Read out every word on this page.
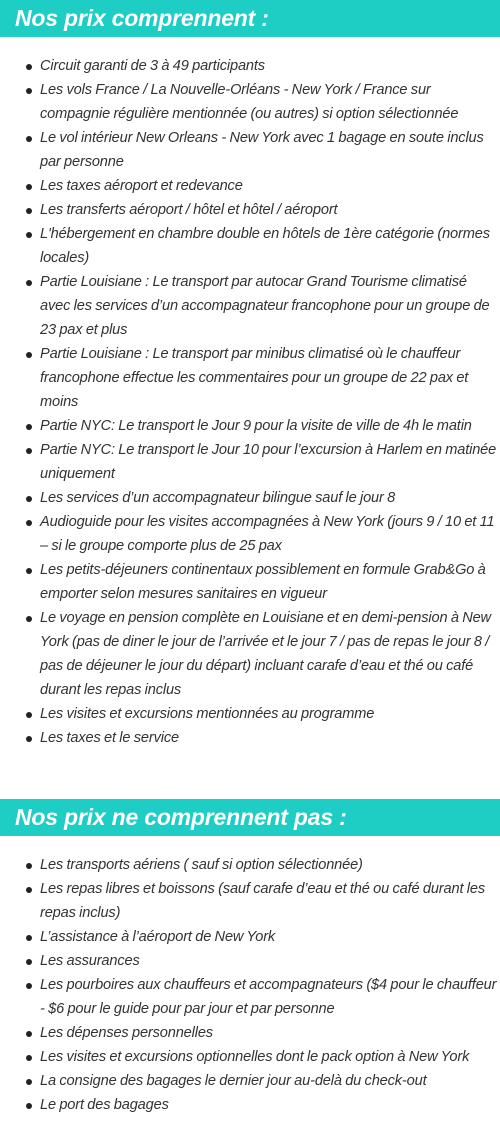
Nos prix comprennent :
Circuit garanti de 3 à 49 participants
Les vols France / La Nouvelle-Orléans - New York / France sur compagnie régulière mentionnée (ou autres) si option sélectionnée
Le vol intérieur New Orleans - New York avec 1 bagage en soute inclus par personne
Les taxes aéroport et redevance
Les transferts aéroport / hôtel et hôtel / aéroport
L'hébergement en chambre double en hôtels de 1ère catégorie (normes locales)
Partie Louisiane : Le transport par autocar Grand Tourisme climatisé avec les services d’un accompagnateur francophone pour un groupe de 23 pax et plus
Partie Louisiane : Le transport par minibus climatisé où le chauffeur francophone effectue les commentaires pour un groupe de 22 pax et moins
Partie NYC: Le transport le Jour 9 pour la visite de ville de 4h le matin
Partie NYC: Le transport le Jour 10 pour l’excursion à Harlem en matinée uniquement
Les services d’un accompagnateur bilingue sauf le jour 8
Audioguide pour les visites accompagnées à New York (jours 9 / 10 et 11 – si le groupe comporte plus de 25 pax
Les petits-déjeuners continentaux possiblement en formule Grab&Go à emporter selon mesures sanitaires en vigueur
Le voyage en pension complète en Louisiane et en demi-pension à New York (pas de diner le jour de l’arrivée et le jour 7 / pas de repas le jour 8 / pas de déjeuner le jour du départ) incluant carafe d’eau et thé ou café durant les repas inclus
Les visites et excursions mentionnées au programme
Les taxes et le service
Nos prix ne comprennent pas :
Les transports aériens ( sauf si option sélectionnée)
Les repas libres et boissons (sauf carafe d’eau et thé ou café durant les repas inclus)
L’assistance à l’aéroport de New York
Les assurances
Les pourboires aux chauffeurs et accompagnateurs ($4 pour le chauffeur - $6 pour le guide pour par jour et par personne
Les dépenses personnelles
Les visites et excursions optionnelles dont le pack option à New York
La consigne des bagages le dernier jour au-delà du check-out
Le port des bagages
